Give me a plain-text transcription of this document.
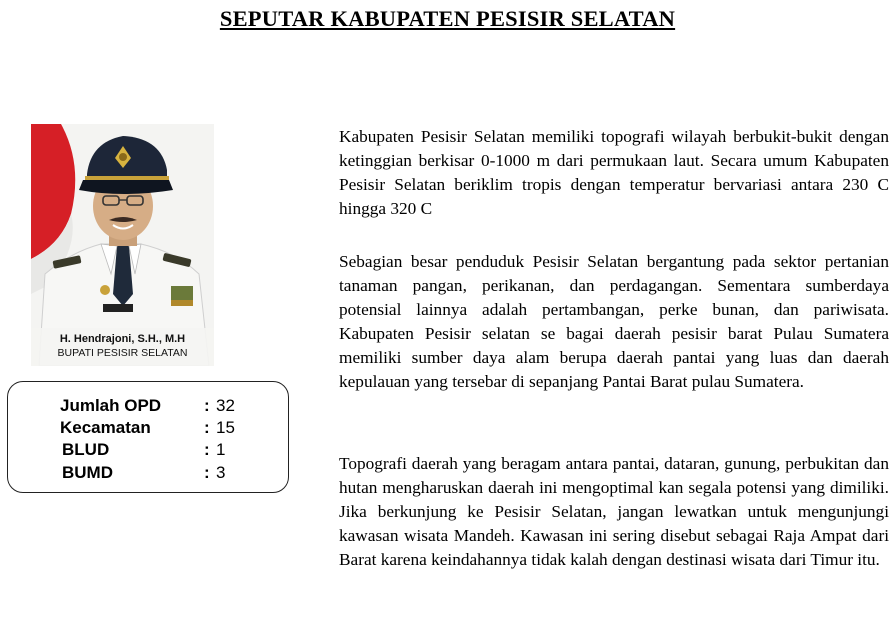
SEPUTAR KABUPATEN PESISIR SELATAN
H. Hendrajoni, S.H., M.H
BUPATI PESISIR SELATAN
Jumlah OPD	: 32
Kecamatan	: 15
BLUD	: 1
BUMD	: 3

Kabupaten Pesisir Selatan memiliki topografi wilayah berbukit-bukit dengan ketinggian berkisar 0-1000 m dari permukaan laut. Secara umum Kabupaten Pesisir Selatan beriklim tropis dengan temperatur bervariasi antara 230 C hingga 320 C

Sebagian besar penduduk Pesisir Selatan bergantung pada sektor pertanian tanaman pangan, perikanan, dan perdagangan. Sementara sumberdaya potensial lainnya adalah pertambangan, perke bunan, dan pariwisata. Kabupaten Pesisir selatan se bagai daerah pesisir barat Pulau Sumatera memiliki sumber daya alam berupa daerah pantai yang luas dan daerah kepulauan yang tersebar di sepanjang Pantai Barat pulau Sumatera.

Topografi daerah yang beragam antara pantai, dataran, gunung, perbukitan dan hutan mengharuskan daerah ini mengoptimal kan segala potensi yang dimiliki. Jika berkunjung ke Pesisir Selatan, jangan lewatkan untuk mengunjungi kawasan wisata Mandeh. Kawasan ini sering disebut sebagai Raja Ampat dari Barat karena keindahannya tidak kalah dengan destinasi wisata dari Timur itu.
